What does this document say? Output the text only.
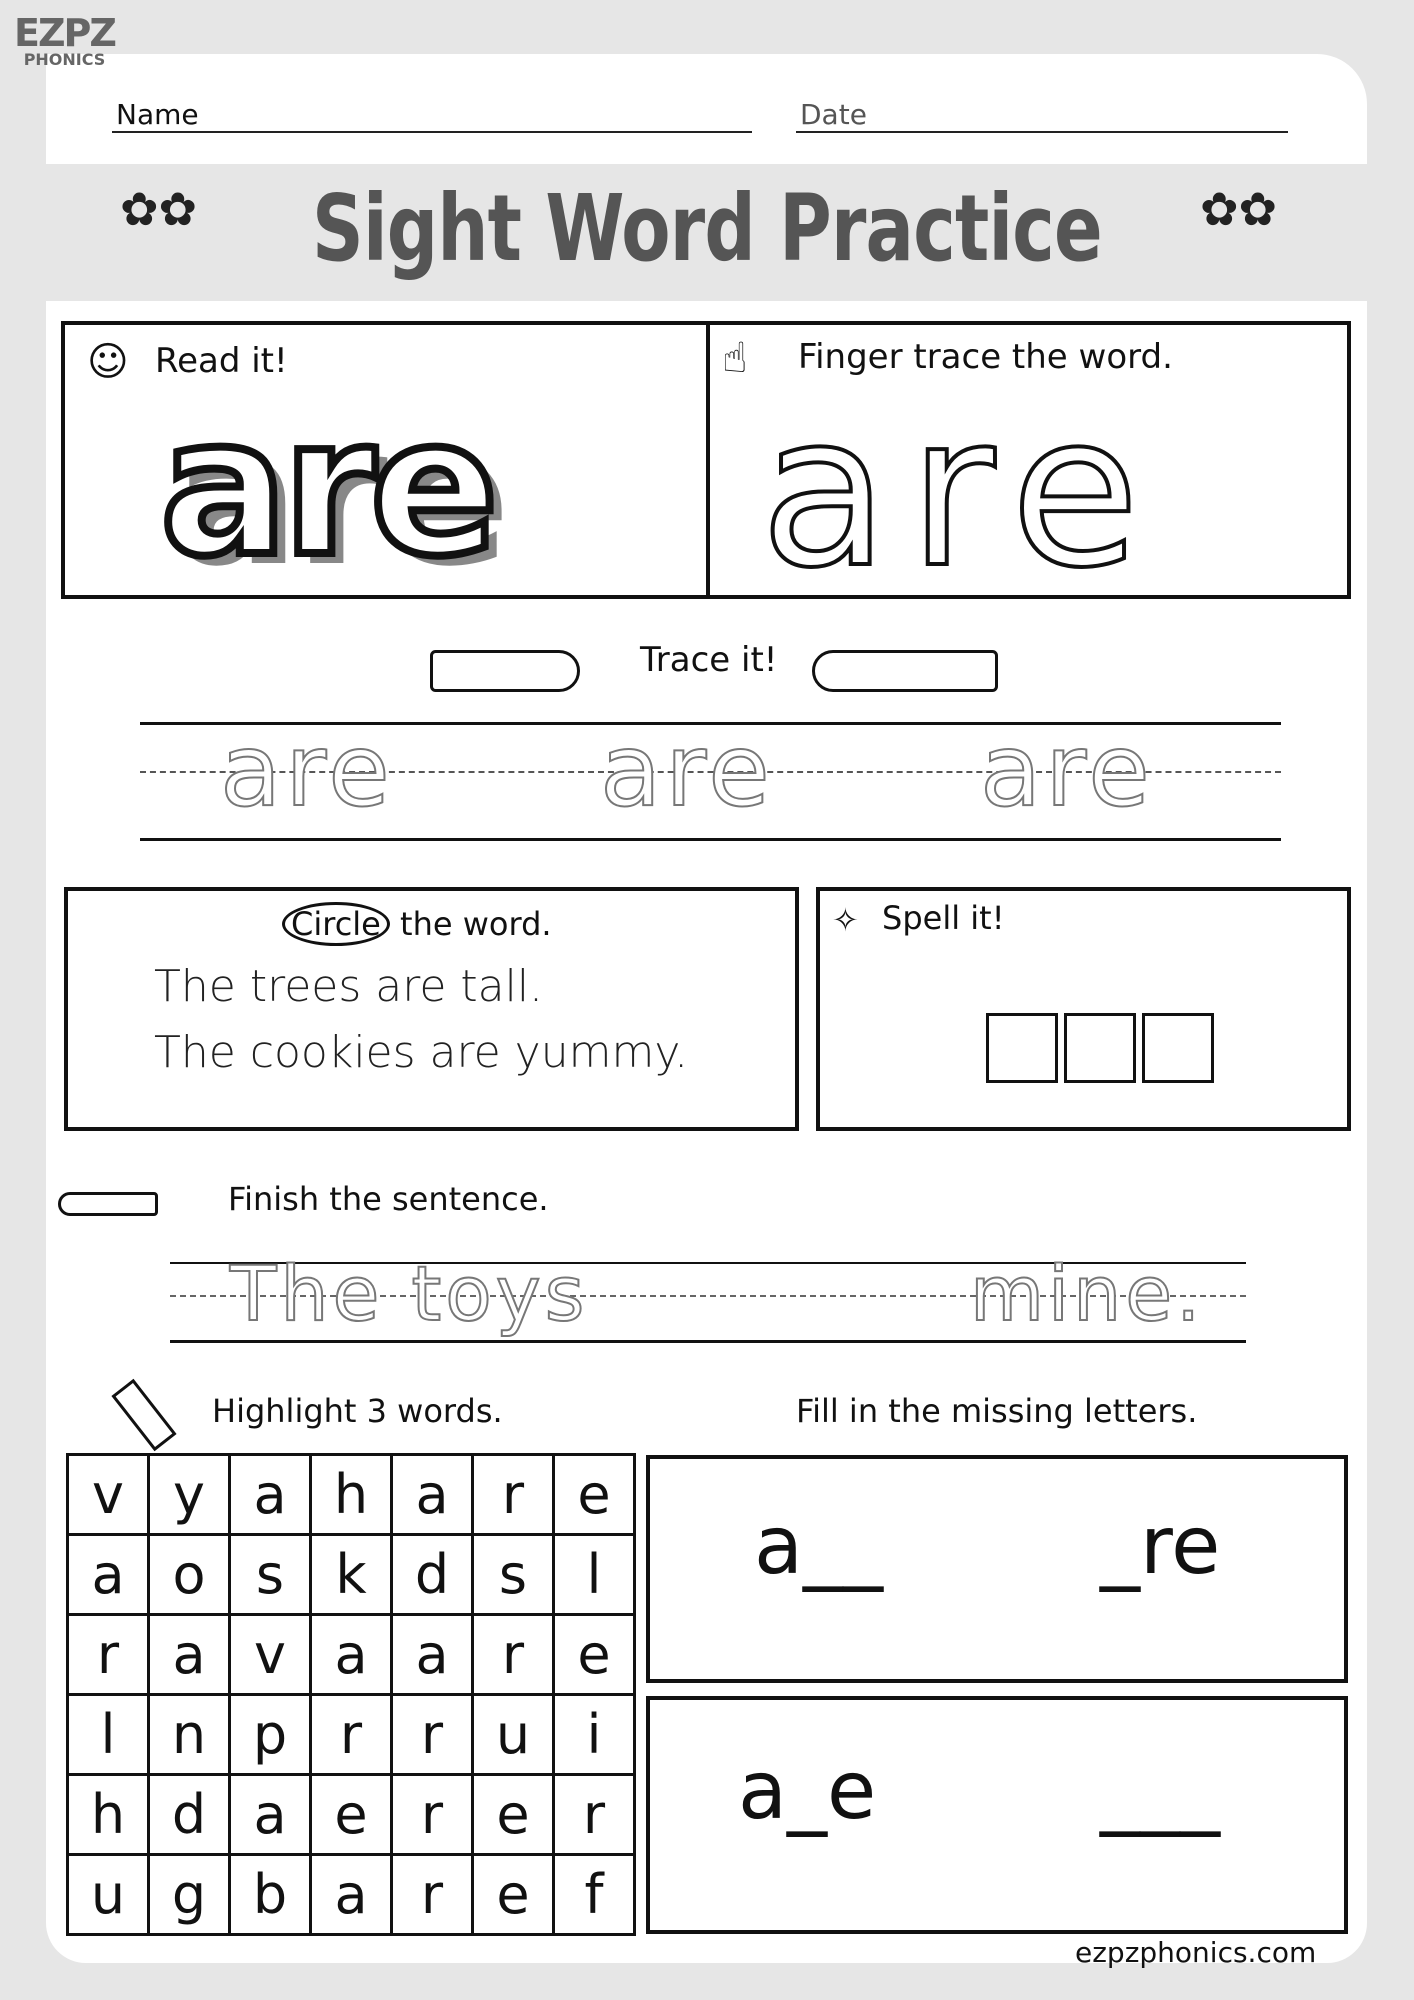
EZPZ
PHONICS
Name	Date
✿✿	Sight Word Practice	✿✿
☺ Read it!
are
☝ Finger trace the word.
are
Trace it!
are are are
Circle the word.
The trees are tall.
The cookies are yummy.
✧ Spell it!
Finish the sentence.
The toys	mine.
Highlight 3 words.	Fill in the missing letters.
v	y	a	h	a	r	e
a	o	s	k	d	s	l
r	a	v	a	a	r	e
l	n	p	r	r	u	i
h	d	a	e	r	e	r
u	g	b	a	r	e	f
a__	_re
a_e	___
ezpzphonics.com
